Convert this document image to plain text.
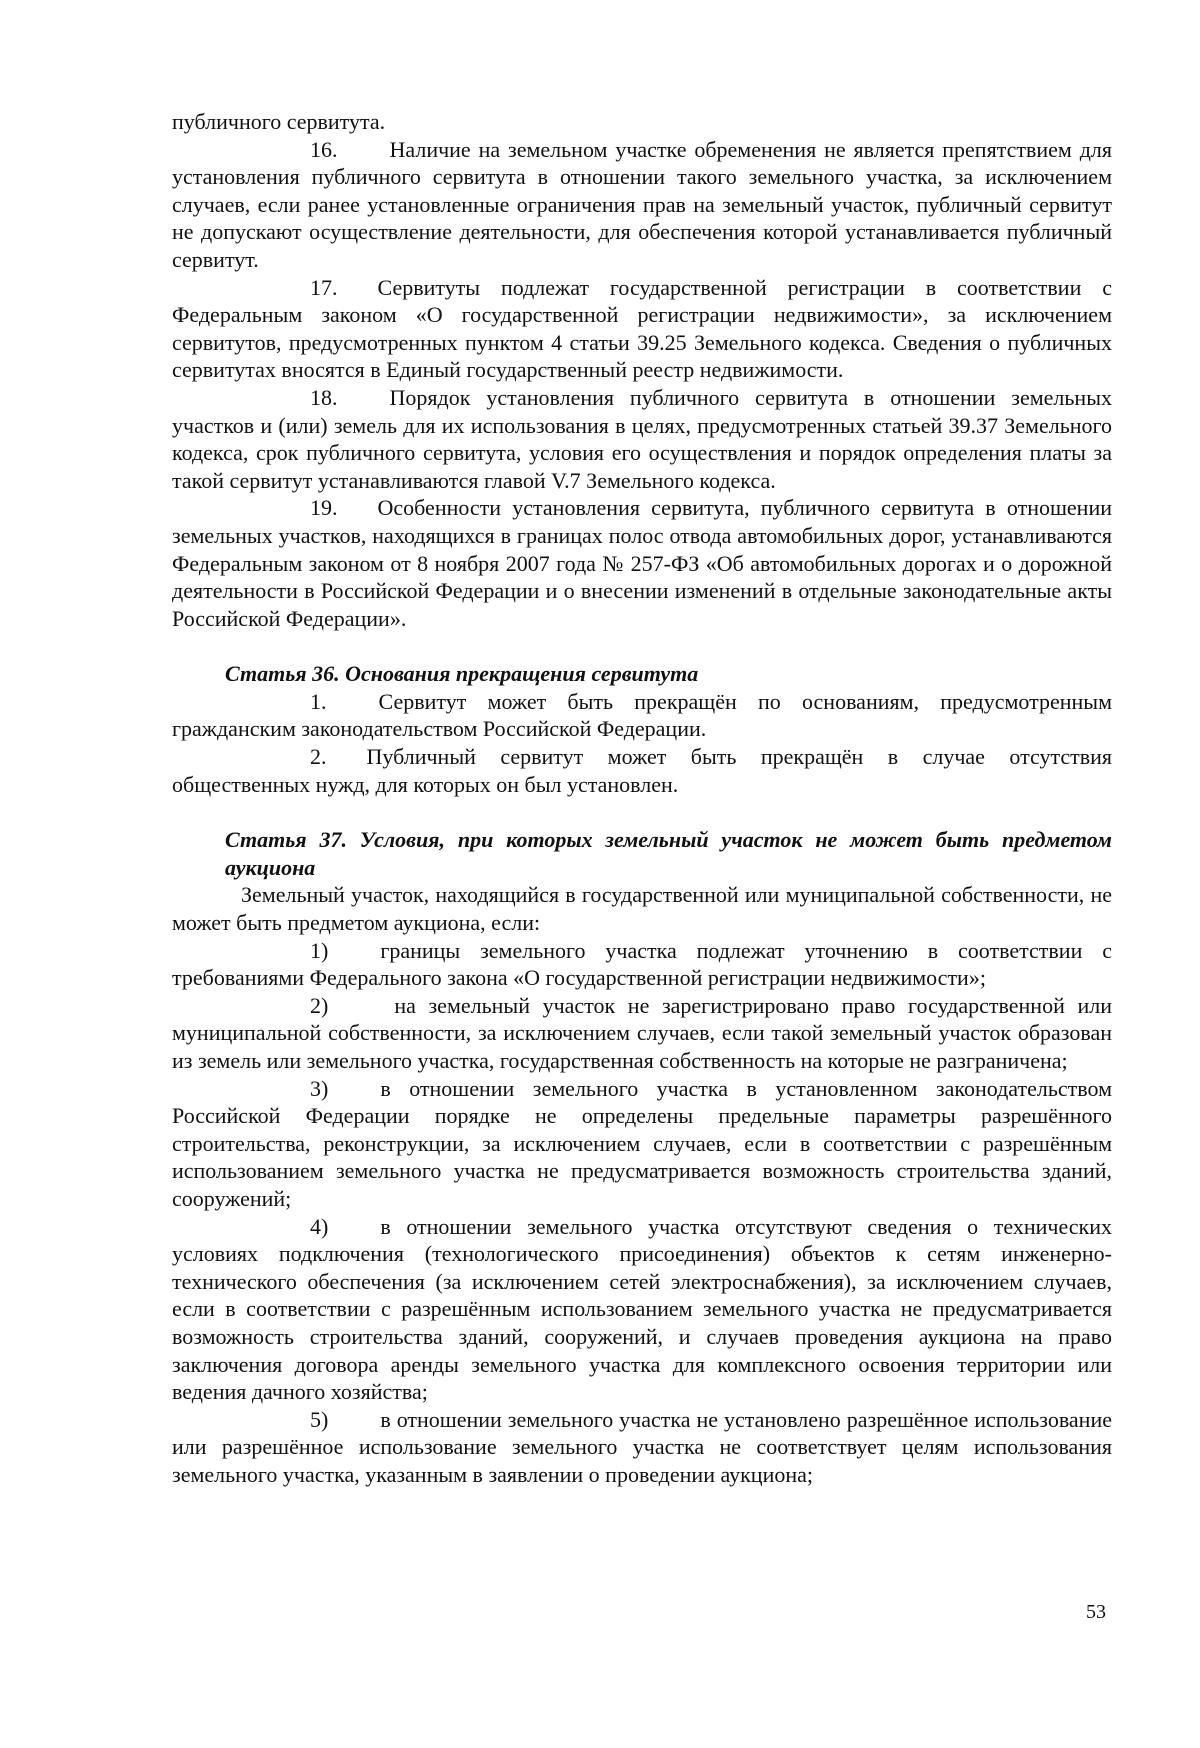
публичного сервитута.

16. Наличие на земельном участке обременения не является препятствием для установления публичного сервитута в отношении такого земельного участка, за исключением случаев, если ранее установленные ограничения прав на земельный участок, публичный сервитут не допускают осуществление деятельности, для обеспечения которой устанавливается публичный сервитут.

17. Сервитуты подлежат государственной регистрации в соответствии с Федеральным законом «О государственной регистрации недвижимости», за исключением сервитутов, предусмотренных пунктом 4 статьи 39.25 Земельного кодекса. Сведения о публичных сервитутах вносятся в Единый государственный реестр недвижимости.

18. Порядок установления публичного сервитута в отношении земельных участков и (или) земель для их использования в целях, предусмотренных статьей 39.37 Земельного кодекса, срок публичного сервитута, условия его осуществления и порядок определения платы за такой сервитут устанавливаются главой V.7 Земельного кодекса.

19. Особенности установления сервитута, публичного сервитута в отношении земельных участков, находящихся в границах полос отвода автомобильных дорог, устанавливаются Федеральным законом от 8 ноября 2007 года № 257-ФЗ «Об автомобильных дорогах и о дорожной деятельности в Российской Федерации и о внесении изменений в отдельные законодательные акты Российской Федерации».

Статья 36. Основания прекращения сервитута

1. Сервитут может быть прекращён по основаниям, предусмотренным гражданским законодательством Российской Федерации.

2. Публичный сервитут может быть прекращён в случае отсутствия общественных нужд, для которых он был установлен.

Статья 37. Условия, при которых земельный участок не может быть предметом аукциона

Земельный участок, находящийся в государственной или муниципальной собственности, не может быть предметом аукциона, если:

1) границы земельного участка подлежат уточнению в соответствии с требованиями Федерального закона «О государственной регистрации недвижимости»;

2)	на земельный участок не зарегистрировано право государственной или муниципальной собственности, за исключением случаев, если такой земельный участок образован из земель или земельного участка, государственная собственность на которые не разграничена;

3) в отношении земельного участка в установленном законодательством Российской Федерации порядке не определены предельные параметры разрешённого строительства, реконструкции, за исключением случаев, если в соответствии с разрешённым использованием земельного участка не предусматривается возможность строительства зданий, сооружений;

4) в отношении земельного участка отсутствуют сведения о технических условиях подключения (технологического присоединения) объектов к сетям инженерно-технического обеспечения (за исключением сетей электроснабжения), за исключением случаев, если в соответствии с разрешённым использованием земельного участка не предусматривается возможность строительства зданий, сооружений, и случаев проведения аукциона на право заключения договора аренды земельного участка для комплексного освоения территории или ведения дачного хозяйства;

5) в отношении земельного участка не установлено разрешённое использование или разрешённое использование земельного участка не соответствует целям использования земельного участка, указанным в заявлении о проведении аукциона;

53
